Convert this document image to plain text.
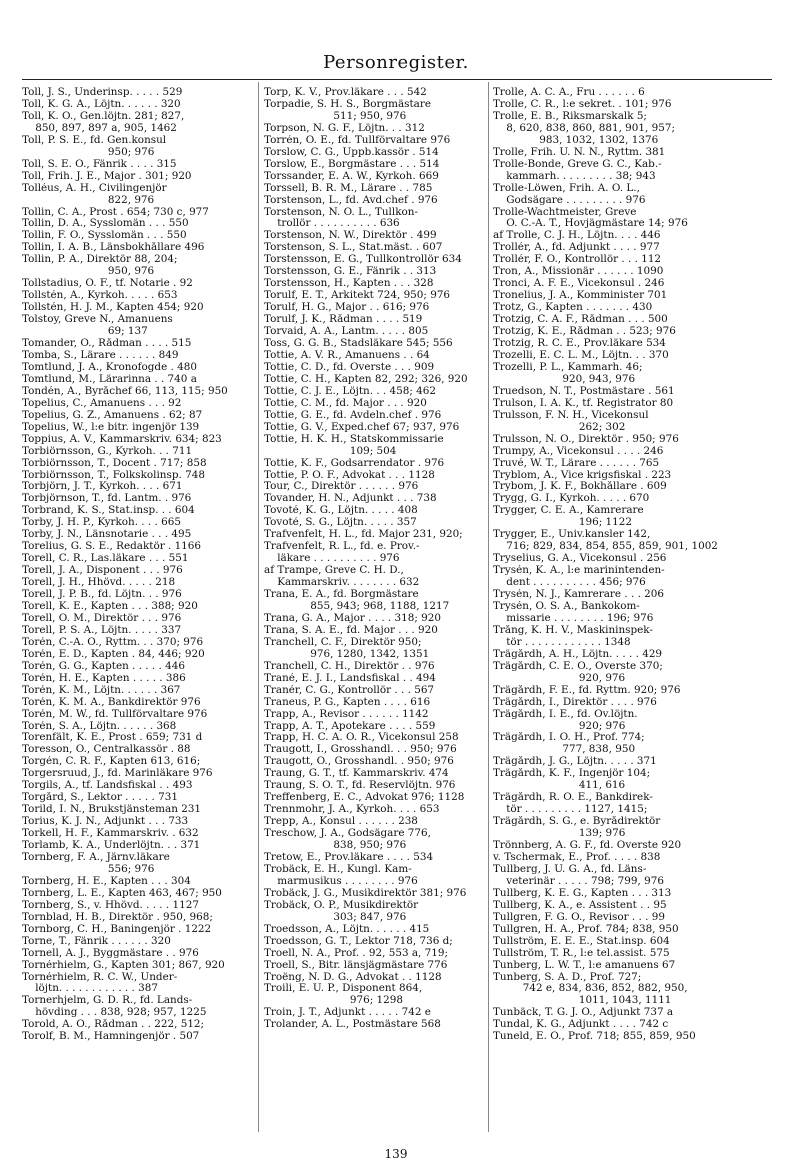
Personregister.
Toll, J. S., Underinsp. . . . . 529
Toll, K. G. A., Löjtn. . . . . . 320
Toll, K. O., Gen.löjtn. 281; 827,
850, 897, 897 a, 905, 1462
Toll, P. S. E., fd. Gen.konsul
950; 976
Toll, S. E. O., Fänrik . . . . 315
Toll, Frih. J. E., Major . 301; 920
Tolléus, A. H., Civilingenjör
822, 976
Tollin, C. A., Prost . 654; 730 c, 977
Tollin, D. A., Sysslomän . . . 550
Tollin, F. O., Sysslomän . . . 550
Tollin, I. A. B., Länsbokhållare 496
Tollin, P. A., Direktör 88, 204;
950, 976
Tollstadius, O. F., tf. Notarie . 92
Tollstén, A., Kyrkoh. . . . . 653
Tollstén, H. J. M., Kapten 454; 920
Tolstoy, Greve N., Amanuens
69; 137
Tomander, O., Rådman . . . . 515
Tomba, S., Lärare . . . . . . 849
Tomtlund, J. A., Kronofogde . 480
Tomtlund, M., Lärarinna . . 740 a
Tondén, A., Byråchef 66, 113, 115; 950
Topelius, C., Amanuens . . . 92
Topelius, G. Z., Amanuens . 62; 87
Topelius, W., l:e bitr. ingenjör 139
Toppius, A. V., Kammarskriv. 634; 823
Torbiörnsson, G., Kyrkoh. . . 711
Torbiörnsson, T., Docent . 717; 858
Torbiörnsson, T., Folkskolinsp. 748
Torbjörn, J. T., Kyrkoh. . . . 671
Torbjörnson, T., fd. Lantm. . 976
Torbrand, K. S., Stat.insp. . . 604
Torby, J. H. P., Kyrkoh. . . . 665
Torby, J. N., Länsnotarie . . . 495
Torelius, G. S. E., Redaktör . 1166
Torell, C. R., Las.läkare . . . 551
Torell, J. A., Disponent . . . 976
Torell, J. H., Hhövd. . . . . 218
Torell, J. P. B., fd. Löjtn. . . 976
Torell, K. E., Kapten . . . 388; 920
Torell, O. M., Direktör . . . 976
Torell, P. S. A., Löjtn. . . . . 337
Torén, C.-A. O., Ryttm. . . 370; 976
Torén, E. D., Kapten . 84, 446; 920
Torén, G. G., Kapten . . . . . 446
Torén, H. E., Kapten . . . . . 386
Torén, K. M., Löjtn. . . . . . 367
Torén, K. M. A., Bankdirektör 976
Torén, M. W., fd. Tullförvaltare 976
Torén, S. A., Löjtn. . . . . . 368
Torenfält, K. E., Prost . 659; 731 d
Toresson, O., Centralkassör . 88
Torgén, C. R. F., Kapten 613, 616;
Torgersruud, J., fd. Marinläkare 976
Torgils, A., tf. Landsfiskal . . 493
Torgård, S., Lektor . . . . . 731
Torild, I. N., Brukstjänsteman 231
Torius, K. J. N., Adjunkt . . . 733
Torkell, H. F., Kammarskriv. . 632
Torlamb, K. A., Underlöjtn. . . 371
Tornberg, F. A., Järnv.läkare
556; 976
Tornberg, H. E., Kapten . . . 304
Tornberg, L. E., Kapten 463, 467; 950
Tornberg, S., v. Hhövd. . . . . 1127
Tornblad, H. B., Direktör . 950, 968;
Tornborg, C. H., Baningenjör . 1222
Torne, T., Fänrik . . . . . . 320
Tornell, A. J., Byggmästare . . 976
Tornérhielm, G., Kapten 301; 867, 920
Tornérhielm, R. C. W., Under-
löjtn. . . . . . . . . . . . 387
Tornerhjelm, G. D. R., fd. Lands-
hövding . . . 838, 928; 957, 1225
Torold, A. O., Rådman . . 222, 512;
Torolf, B. M., Hamningenjör . 507
Torp, K. V., Prov.läkare . . . 542
Torpadie, S. H. S., Borgmästare
511; 950, 976
Torpson, N. G. F., Löjtn. . . 312
Torrén, O. E., fd. Tullförvaltare 976
Torslow, C. G., Uppb.kassör . 514
Torslow, E., Borgmästare . . . 514
Torssander, E. A. W., Kyrkoh. 669
Torssell, B. R. M., Lärare . . 785
Torstenson, L., fd. Avd.chef . 976
Torstenson, N. O. L., Tullkon-
trollör . . . . . . . . . . 636
Torstenson, N. W., Direktör . 499
Torstenson, S. L., Stat.mäst. . 607
Torstensson, E. G., Tullkontrollör 634
Torstensson, G. E., Fänrik . . 313
Torstensson, H., Kapten . . . 328
Torulf, E. T., Arkitekt 724, 950; 976
Torulf, H. G., Major . . 616; 976
Torulf, J. K., Rådman . . . . 519
Torvaid, A. A., Lantm. . . . . 805
Toss, G. G. B., Stadsläkare 545; 556
Tottie, A. V. R., Amanuens . . 64
Tottie, C. D., fd. Överste . . . 909
Tottie, C. H., Kapten 82, 292; 326, 920
Tottie, C. J. E., Löjtn. . . 458; 462
Tottie, C. M., fd. Major . . . 920
Tottie, G. E., fd. Avdeln.chef . 976
Tottie, G. V., Exped.chef 67; 937, 976
Tottie, H. K. H., Statskommissarie
109; 504
Tottie, K. F., Godsarrendator . 976
Tottie, P. O. F., Advokat . . . 1128
Tour, C., Direktör . . . . . . 976
Tovander, H. N., Adjunkt . . . 738
Tovoté, K. G., Löjtn. . . . . 408
Tovoté, S. G., Löjtn. . . . . 357
Trafvenfelt, H. L., fd. Major 231, 920;
Trafvenfelt, R. L., fd. e. Prov.-
läkare . . . . . . . . . . 976
af Trampe, Greve C. H. D.,
Kammarskriv. . . . . . . . 632
Trana, E. A., fd. Borgmästare
855, 943; 968, 1188, 1217
Trana, G. A., Major . . . . 318; 920
Trana, S. A. E., fd. Major . . . 920
Tranchell, C. F., Direktör 950;
976, 1280, 1342, 1351
Tranchell, C. H., Direktör . . 976
Trané, E. J. I., Landsfiskal . . 494
Tranér, C. G., Kontrollör . . . 567
Traneus, P. G., Kapten . . . . 616
Trapp, A., Revisor . . . . . . 1142
Trapp, A. T., Apotekare . . . . 559
Trapp, H. C. A. O. R., Vicekonsul 258
Traugott, I., Grosshandl. . . 950; 976
Traugott, O., Grosshandl. . 950; 976
Traung, G. T., tf. Kammarskriv. 474
Traung, S. O. T., fd. Reservlöjtn. 976
Treffenberg, E. C., Advokat 976; 1128
Trennmohr, J. A., Kyrkoh. . . . 653
Trepp, A., Konsul . . . . . . 238
Treschow, J. A., Godsägare 776,
838, 950; 976
Tretow, E., Prov.läkare . . . . 534
Trobäck, E. H., Kungl. Kam-
marmusikus . . . . . . . . 976
Trobäck, J. G., Musikdirektör 381; 976
Trobäck, O. P., Musikdirektör
303; 847, 976
Troedsson, A., Löjtn. . . . . . 415
Troedsson, G. T., Lektor 718, 736 d;
Troell, N. A., Prof. . 92, 553 a, 719;
Troell, S., Bitr. länsjägmästare 776
Troëng, N. D. G., Advokat . . 1128
Troili, E. U. P., Disponent 864,
976; 1298
Troin, J. T., Adjunkt . . . . . 742 e
Trolander, A. L., Postmästare 568
Trolle, A. C. A., Fru . . . . . . 6
Trolle, C. R., l:e sekret. . 101; 976
Trolle, E. B., Riksmarskalk 5;
8, 620, 838, 860, 881, 901, 957;
983, 1032, 1302, 1376
Trolle, Frih. U. N. N., Ryttm. 381
Trolle-Bonde, Greve G. C., Kab.-
kammarh. . . . . . . . . 38; 943
Trolle-Löwen, Frih. A. O. L.,
Godsägare . . . . . . . . . 976
Trolle-Wachtmeister, Greve
O. C.-A. T., Hovjägmästare 14; 976
af Trolle, C. J. H., Löjtn. . . . 446
Trollér, A., fd. Adjunkt . . . . 977
Trollér, F. O., Kontrollör . . . 112
Tron, A., Missionär . . . . . . 1090
Tronci, A. F. E., Vicekonsul . 246
Tronelius, J. A., Komminister 701
Trotz, G., Kapten . . . . . . . 430
Trotzig, C. A. F., Rådman . . . 500
Trotzig, K. E., Rådman . . 523; 976
Trotzig, R. C. E., Prov.läkare 534
Trozelli, E. C. L. M., Löjtn. . . 370
Trozelli, P. L., Kammarh. 46;
920, 943, 976
Truedson, N. T., Postmästare . 561
Trulson, I. A. K., tf. Registrator 80
Trulsson, F. N. H., Vicekonsul
262; 302
Trulsson, N. O., Direktör . 950; 976
Trumpy, A., Vicekonsul . . . . 246
Truvé, W. T., Lärare . . . . . . 765
Tryblom, A., Vice krigsfiskal . 223
Trybom, J. K. F., Bokhållare . 609
Trygg, G. I., Kyrkoh. . . . . 670
Trygger, C. E. A., Kamrerare
196; 1122
Trygger, E., Univ.kansler 142,
716; 829, 834, 854, 855, 859, 901, 1002
Tryselius, G. A., Vicekonsul . 256
Trysén, K. A., l:e marinintenden-
dent . . . . . . . . . . 456; 976
Trysén, N. J., Kamrerare . . . 206
Trysén, O. S. A., Bankokom-
missarie . . . . . . . . 196; 976
Trång, K. H. V., Maskininspek-
tör . . . . . . . . . . . . 1348
Trägårdh, A. H., Löjtn. . . . . 429
Trägårdh, C. E. O., Överste 370;
920, 976
Trägårdh, F. E., fd. Ryttm. 920; 976
Trägårdh, I., Direktör . . . . 976
Trägårdh, I. E., fd. Öv.löjtn.
920; 976
Trägårdh, I. O. H., Prof. 774;
777, 838, 950
Trägårdh, J. G., Löjtn. . . . . 371
Trägårdh, K. F., Ingenjör 104;
411, 616
Trägårdh, R. O. E., Bankdirek-
tör . . . . . . . . . 1127, 1415;
Trägårdh, S. G., e. Byrådirektör
139; 976
Trönnberg, A. G. F., fd. Överste 920
v. Tschermak, E., Prof. . . . . 838
Tullberg, J. U. G. A., fd. Läns-
veterinär . . . . . 798; 799, 976
Tullberg, K. E. G., Kapten . . . 313
Tullberg, K. A., e. Assistent . . 95
Tullgren, F. G. O., Revisor . . . 99
Tullgren, H. A., Prof. 784; 838, 950
Tullström, E. E. E., Stat.insp. 604
Tullström, T. R., l:e tel.assist. 575
Tunberg, L. W. T., l:e amanuens 67
Tunberg, S. A. D., Prof. 727;
742 e, 834, 836, 852, 882, 950,
1011, 1043, 1111
Tunbäck, T. G. J. O., Adjunkt 737 a
Tundal, K. G., Adjunkt . . . . 742 c
Tuneld, E. O., Prof. 718; 855, 859, 950
139
